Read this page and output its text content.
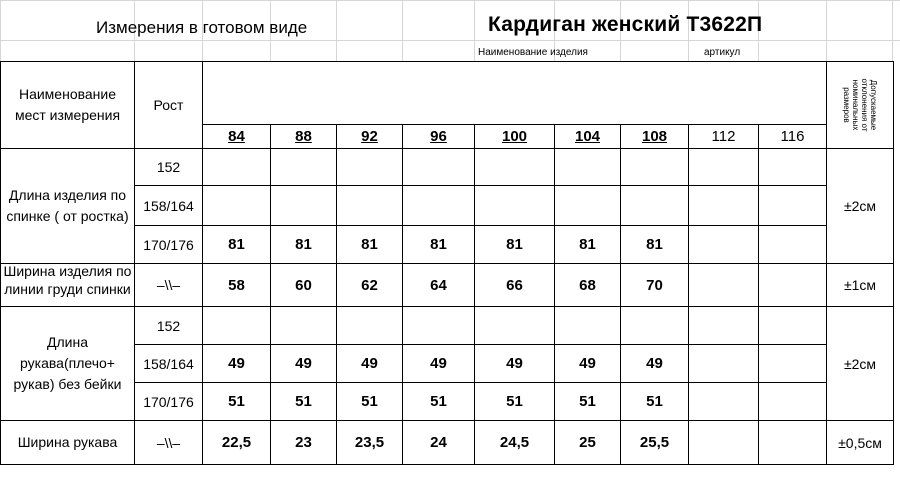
Измерения в готовом виде	Кардиган женский Т3622П
Наименование изделия	артикул
Наименование мест измерения	Рост										Допускаемые отклонения от номинальных размеров

		84	88	92	96	100	104	108	112	116	
Длина изделия по спинке ( от ростка)	152										±2см
	158/164										
	170/176	81	81	81	81	81	81	81			

Ширина изделия по линии груди спинки	–\\–	58	60	62	64	66	68	70			±1см
Длина рукава(плечо+ рукав) без бейки	152										±2см
	158/164	49	49	49	49	49	49	49			
	170/176	51	51	51	51	51	51	51			
Ширина рукава	–\\–	22,5	23	23,5	24	24,5	25	25,5			±0,5см
